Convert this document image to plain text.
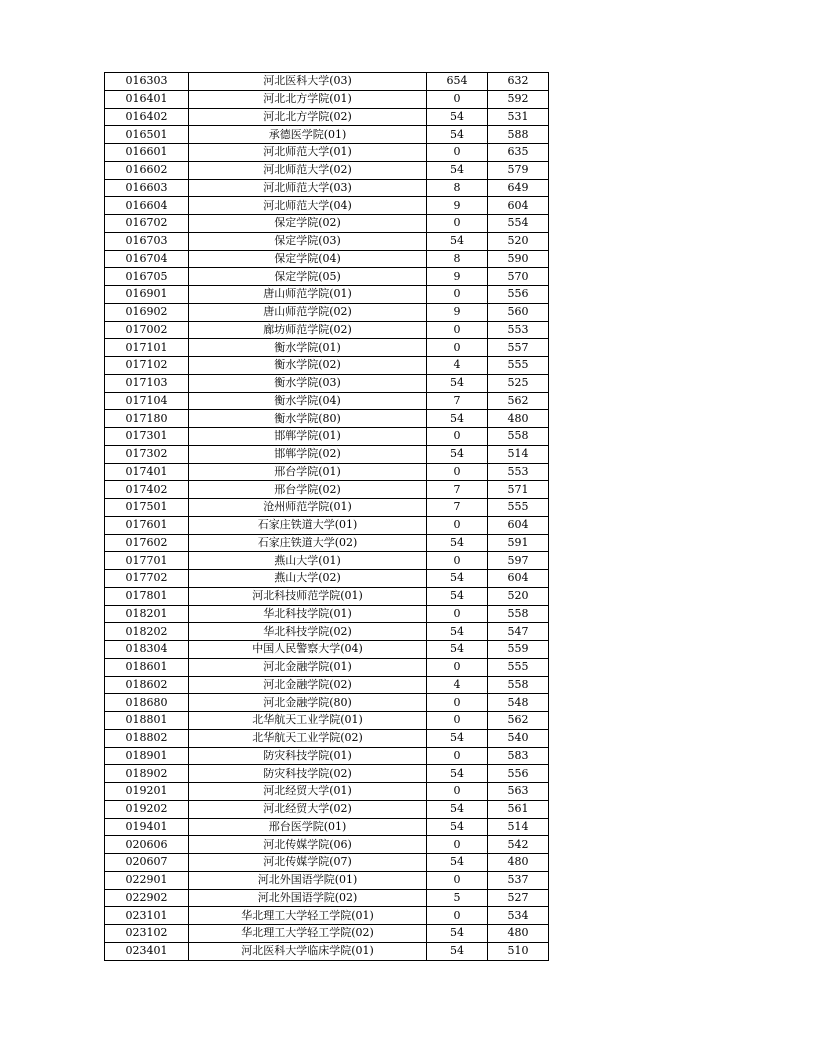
016303	河北医科大学(03)	654	632
016401	河北北方学院(01)	0	592
016402	河北北方学院(02)	54	531
016501	承德医学院(01)	54	588
016601	河北师范大学(01)	0	635
016602	河北师范大学(02)	54	579
016603	河北师范大学(03)	8	649
016604	河北师范大学(04)	9	604
016702	保定学院(02)	0	554
016703	保定学院(03)	54	520
016704	保定学院(04)	8	590
016705	保定学院(05)	9	570
016901	唐山师范学院(01)	0	556
016902	唐山师范学院(02)	9	560
017002	廊坊师范学院(02)	0	553
017101	衡水学院(01)	0	557
017102	衡水学院(02)	4	555
017103	衡水学院(03)	54	525
017104	衡水学院(04)	7	562
017180	衡水学院(80)	54	480
017301	邯郸学院(01)	0	558
017302	邯郸学院(02)	54	514
017401	邢台学院(01)	0	553
017402	邢台学院(02)	7	571
017501	沧州师范学院(01)	7	555
017601	石家庄铁道大学(01)	0	604
017602	石家庄铁道大学(02)	54	591
017701	燕山大学(01)	0	597
017702	燕山大学(02)	54	604
017801	河北科技师范学院(01)	54	520
018201	华北科技学院(01)	0	558
018202	华北科技学院(02)	54	547
018304	中国人民警察大学(04)	54	559
018601	河北金融学院(01)	0	555
018602	河北金融学院(02)	4	558
018680	河北金融学院(80)	0	548
018801	北华航天工业学院(01)	0	562
018802	北华航天工业学院(02)	54	540
018901	防灾科技学院(01)	0	583
018902	防灾科技学院(02)	54	556
019201	河北经贸大学(01)	0	563
019202	河北经贸大学(02)	54	561
019401	邢台医学院(01)	54	514
020606	河北传媒学院(06)	0	542
020607	河北传媒学院(07)	54	480
022901	河北外国语学院(01)	0	537
022902	河北外国语学院(02)	5	527
023101	华北理工大学轻工学院(01)	0	534
023102	华北理工大学轻工学院(02)	54	480
023401	河北医科大学临床学院(01)	54	510
